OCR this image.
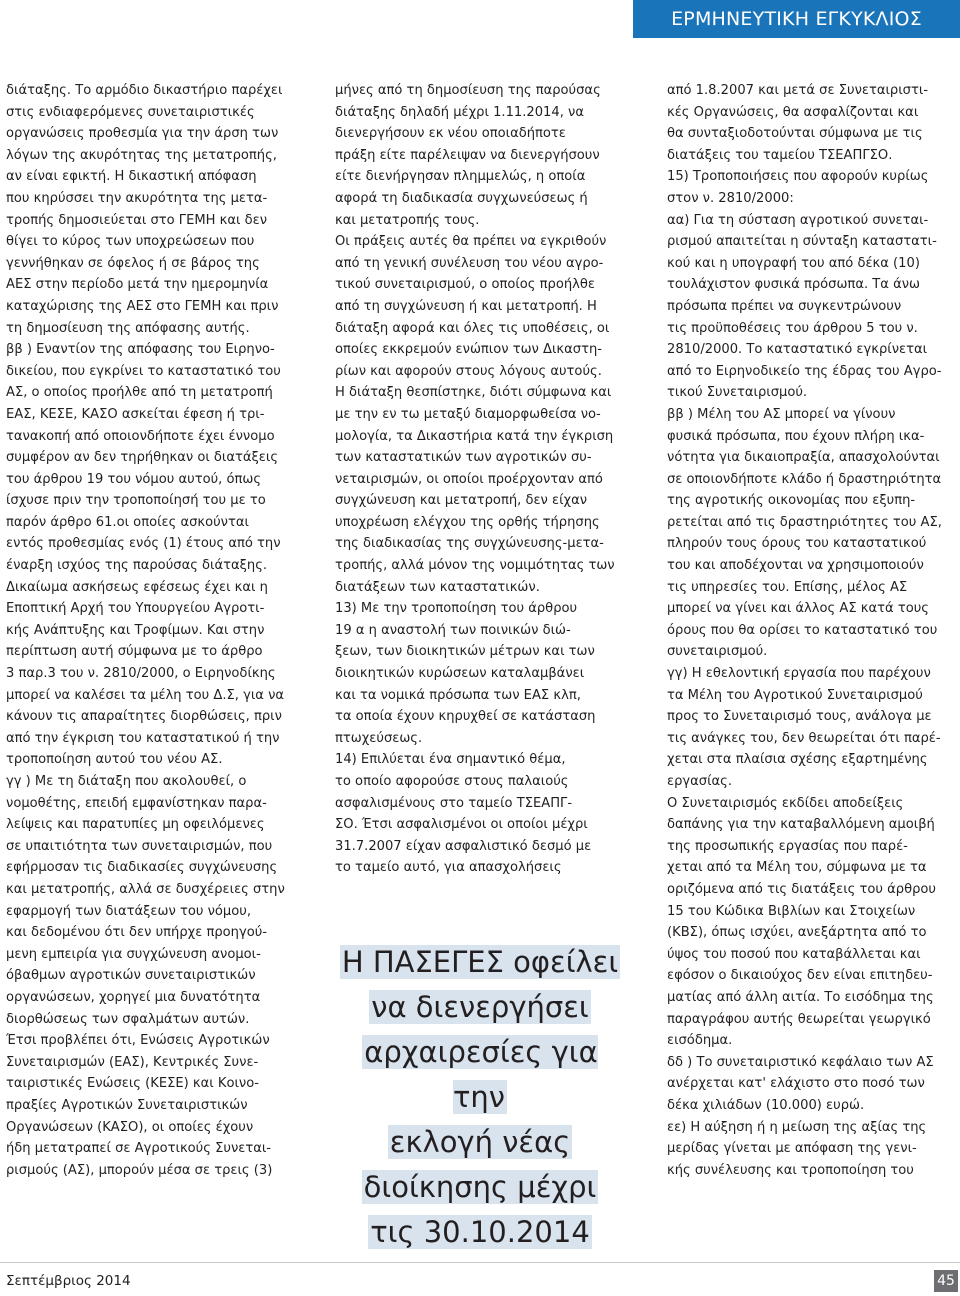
ΕΡΜΗΝΕΥΤΙΚΗ ΕΓΚΥΚΛΙΟΣ
διάταξης. Το αρμόδιο δικαστήριο παρέχει
στις ενδιαφερόμενες συνεταιριστικές
οργανώσεις προθεσμία για την άρση των
λόγων της ακυρότητας της μετατροπής,
αν είναι εφικτή. Η δικαστική απόφαση
που κηρύσσει την ακυρότητα της μετα-
τροπής δημοσιεύεται στο ΓΕΜΗ και δεν
θίγει το κύρος των υποχρεώσεων που
γεννήθηκαν σε όφελος ή σε βάρος της
ΑΕΣ στην περίοδο μετά την ημερομηνία
καταχώρισης της ΑΕΣ στο ΓΕΜΗ και πριν
τη δημοσίευση της απόφασης αυτής.
ββ ) Εναντίον της απόφασης του Ειρηνο-
δικείου, που εγκρίνει το καταστατικό του
ΑΣ, ο οποίος προήλθε από τη μετατροπή
ΕΑΣ, ΚΕΣΕ, ΚΑΣΟ ασκείται έφεση ή τρι-
τανακοπή από οποιονδήποτε έχει έννομο
συμφέρον αν δεν τηρήθηκαν οι διατάξεις
του άρθρου 19 του νόμου αυτού, όπως
ίσχυσε πριν την τροποποίησή του με το
παρόν άρθρο 61.οι οποίες ασκούνται
εντός προθεσμίας ενός (1) έτους από την
έναρξη ισχύος της παρούσας διάταξης.
Δικαίωμα ασκήσεως εφέσεως έχει και η
Εποπτική Αρχή του Υπουργείου Αγροτι-
κής Ανάπτυξης και Τροφίμων. Και στην
περίπτωση αυτή σύμφωνα με το άρθρο
3 παρ.3 του ν. 2810/2000, ο Ειρηνοδίκης
μπορεί να καλέσει τα μέλη του Δ.Σ, για να
κάνουν τις απαραίτητες διορθώσεις, πριν
από την έγκριση του καταστατικού ή την
τροποποίηση αυτού του νέου ΑΣ.
γγ ) Με τη διάταξη που ακολουθεί, ο
νομοθέτης, επειδή εμφανίστηκαν παρα-
λείψεις και παρατυπίες μη οφειλόμενες
σε υπαιτιότητα των συνεταιρισμών, που
εφήρμοσαν τις διαδικασίες συγχώνευσης
και μετατροπής, αλλά σε δυσχέρειες στην
εφαρμογή των διατάξεων του νόμου,
και δεδομένου ότι δεν υπήρχε προηγού-
μενη εμπειρία για συγχώνευση ανομοι-
όβαθμων αγροτικών συνεταιριστικών
οργανώσεων, χορηγεί μια δυνατότητα
διορθώσεως των σφαλμάτων αυτών.
Έτσι προβλέπει ότι, Ενώσεις Αγροτικών
Συνεταιρισμών (ΕΑΣ), Κεντρικές Συνε-
ταιριστικές Ενώσεις (ΚΕΣΕ) και Κοινο-
πραξίες Αγροτικών Συνεταιριστικών
Οργανώσεων (ΚΑΣΟ), οι οποίες έχουν
ήδη μετατραπεί σε Αγροτικούς Συνεται-
ρισμούς (ΑΣ), μπορούν μέσα σε τρεις (3)
μήνες από τη δημοσίευση της παρούσας
διάταξης δηλαδή μέχρι 1.11.2014, να
διενεργήσουν εκ νέου οποιαδήποτε
πράξη είτε παρέλειψαν να διενεργήσουν
είτε διενήργησαν πλημμελώς, η οποία
αφορά τη διαδικασία συγχωνεύσεως ή
και μετατροπής τους.
Οι πράξεις αυτές θα πρέπει να εγκριθούν
από τη γενική συνέλευση του νέου αγρο-
τικού συνεταιρισμού, ο οποίος προήλθε
από τη συγχώνευση ή και μετατροπή. Η
διάταξη αφορά και όλες τις υποθέσεις, οι
οποίες εκκρεμούν ενώπιον των Δικαστη-
ρίων και αφορούν στους λόγους αυτούς.
Η διάταξη θεσπίστηκε, διότι σύμφωνα και
με την εν τω μεταξύ διαμορφωθείσα νο-
μολογία, τα Δικαστήρια κατά την έγκριση
των καταστατικών των αγροτικών συ-
νεταιρισμών, οι οποίοι προέρχονταν από
συγχώνευση και μετατροπή, δεν είχαν
υποχρέωση ελέγχου της ορθής τήρησης
της διαδικασίας της συγχώνευσης-μετα-
τροπής, αλλά μόνον της νομιμότητας των
διατάξεων των καταστατικών.
13) Με την τροποποίηση του άρθρου
19 α η αναστολή των ποινικών διώ-
ξεων, των διοικητικών μέτρων και των
διοικητικών κυρώσεων καταλαμβάνει
και τα νομικά πρόσωπα των ΕΑΣ κλπ,
τα οποία έχουν κηρυχθεί σε κατάσταση
πτωχεύσεως.
14) Επιλύεται ένα σημαντικό θέμα,
το οποίο αφορούσε στους παλαιούς
ασφαλισμένους στο ταμείο ΤΣΕΑΠΓ-
ΣΟ. Έτσι ασφαλισμένοι οι οποίοι μέχρι
31.7.2007 είχαν ασφαλιστικό δεσμό με
το ταμείο αυτό, για απασχολήσεις
από 1.8.2007 και μετά σε Συνεταιριστι-
κές Οργανώσεις, θα ασφαλίζονται και
θα συνταξιοδοτούνται σύμφωνα με τις
διατάξεις του ταμείου ΤΣΕΑΠΓΣΟ.
15) Τροποποιήσεις που αφορούν κυρίως
στον ν. 2810/2000:
αα) Για τη σύσταση αγροτικού συνεται-
ρισμού απαιτείται η σύνταξη καταστατι-
κού και η υπογραφή του από δέκα (10)
τουλάχιστον φυσικά πρόσωπα. Τα άνω
πρόσωπα πρέπει να συγκεντρώνουν
τις προϋποθέσεις του άρθρου 5 του ν.
2810/2000. Το καταστατικό εγκρίνεται
από το Ειρηνοδικείο της έδρας του Αγρο-
τικού Συνεταιρισμού.
ββ ) Μέλη του ΑΣ μπορεί να γίνουν
φυσικά πρόσωπα, που έχουν πλήρη ικα-
νότητα για δικαιοπραξία, απασχολούνται
σε οποιονδήποτε κλάδο ή δραστηριότητα
της αγροτικής οικονομίας που εξυπη-
ρετείται από τις δραστηριότητες του ΑΣ,
πληρούν τους όρους του καταστατικού
του και αποδέχονται να χρησιμοποιούν
τις υπηρεσίες του. Επίσης, μέλος ΑΣ
μπορεί να γίνει και άλλος ΑΣ κατά τους
όρους που θα ορίσει το καταστατικό του
συνεταιρισμού.
γγ) Η εθελοντική εργασία που παρέχουν
τα Μέλη του Αγροτικού Συνεταιρισμού
προς το Συνεταιρισμό τους, ανάλογα με
τις ανάγκες του, δεν θεωρείται ότι παρέ-
χεται στα πλαίσια σχέσης εξαρτημένης
εργασίας.
Ο Συνεταιρισμός εκδίδει αποδείξεις
δαπάνης για την καταβαλλόμενη αμοιβή
της προσωπικής εργασίας που παρέ-
χεται από τα Μέλη του, σύμφωνα με τα
οριζόμενα από τις διατάξεις του άρθρου
15 του Κώδικα Βιβλίων και Στοιχείων
(ΚΒΣ), όπως ισχύει, ανεξάρτητα από το
ύψος του ποσού που καταβάλλεται και
εφόσον ο δικαιούχος δεν είναι επιτηδευ-
ματίας από άλλη αιτία. Το εισόδημα της
παραγράφου αυτής θεωρείται γεωργικό
εισόδημα.
δδ ) Το συνεταιριστικό κεφάλαιο των ΑΣ
ανέρχεται κατ' ελάχιστο στο ποσό των
δέκα χιλιάδων (10.000) ευρώ.
εε) Η αύξηση ή η μείωση της αξίας της
μερίδας γίνεται με απόφαση της γενι-
κής συνέλευσης και τροποποίηση του
Η ΠΑΣΕΓΕΣ οφείλει
να διενεργήσει
αρχαιρεσίες για την
εκλογή νέας
διοίκησης μέχρι
τις 30.10.2014
Σεπτέμβριος 2014	45
